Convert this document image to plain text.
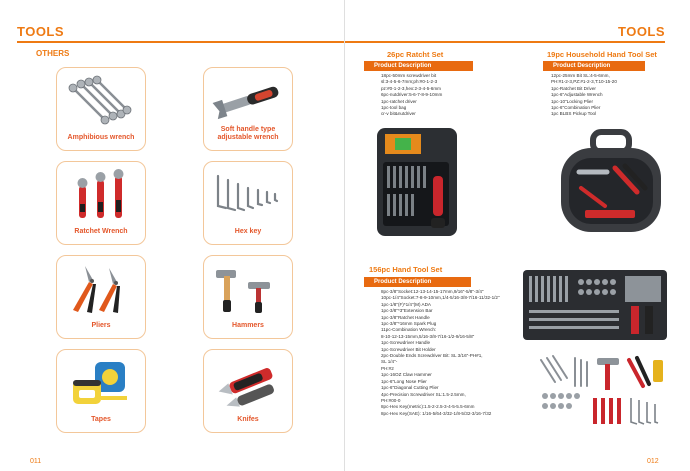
TOOLS
OTHERS
Amphibious wrench
Soft handle type adjustable wrench
Ratchet Wrench	Hex key
Pliers	Hammers
Tapes	Knifes
011
TOOLS
26pc Ratcht Set
Product Description
18pc-50mm screwdriver bit
sl:3-4-5-6-7mm;ph:#0-1-2-3
pz:#0-1-2-3,hex:2-3-4-5-6mm
6pc-nutdriver:5-6-7-8-9-10mm
1pc-ratchet driver
1pc-tool bag
cr-v bit&nutdriver
19pc Household Hand Tool Set
Product Description
12pc-25mm Bit SL:4-5-6mm,
PH:#1-2-3,PZ:#1-2-3,T:10-15-20
1pc-Ratchet Bit Driver
1pc-6"Adjustable Wrench
1pc-10"Locking Plier
1pc-6"Combination Plier
1pc BLBS Pickup Tool
156pc Hand Tool Set
Product Description
8pc-3/8"Socket:12-13-14-15-17mm,9/16"-5/8"-3/4"
10pc-1/4"Socket:7-8-9-10mm,1/4-5/16-3/8-7/16-11/32-1/2"
1pc-1/8"(F)*1/4"(M) ADA
1pc-3/8"*3"Extension Bar
1pc-3/8"Ratchet Handle
1pc-3/8"*16mm Spark Plug
11pc-Combination Wrench:
8-10-12-13-15mm,5/16-3/8-7/16-1/2-9/16-5/8"
1pc-Screwdriver Handle
1pc-Screwdriver Bit Holder
2pc-Double Ends Screwdriver Bit: SL 3/16"-PH#1,
SL 1/4"-
PH:#2
1pc-16OZ Claw Hammer
1pc-6"Long Nose Plier
1pc-6"Diagonal Cutting Plier
4pc-Precision Screwdriver SL:1.5-2.5mm,
PH:#00-0
8pc-Hex Key(metric):1.5-2-2.5-3-4-5-5.5-6mm
8pc-Hex Key(SAE): 1/16-5/64-3/32-1/8-5/32-3/16-7/32
012
